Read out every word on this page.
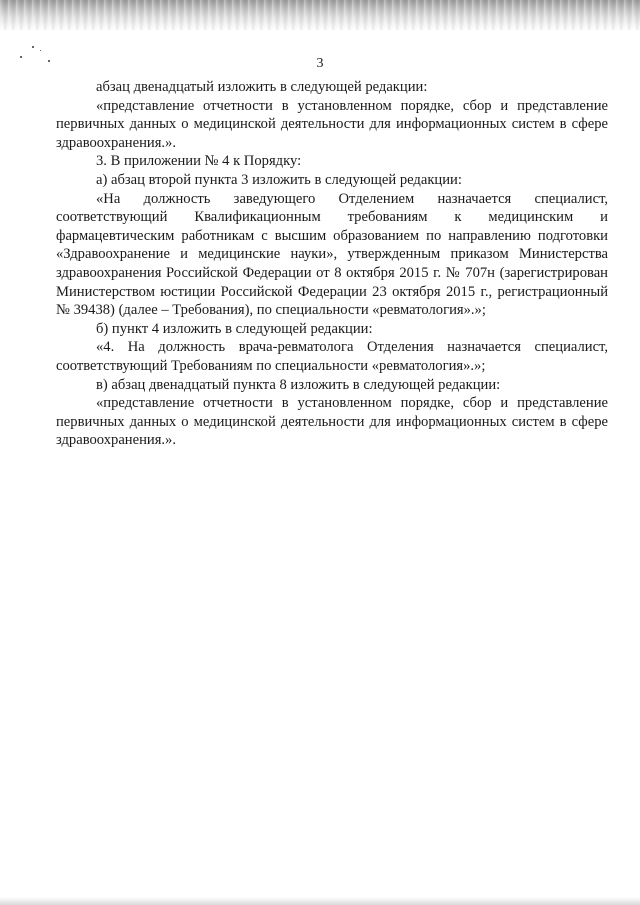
3

абзац двенадцатый изложить в следующей редакции:

«представление отчетности в установленном порядке, сбор и представление первичных данных о медицинской деятельности для информационных систем в сфере здравоохранения.».

3. В приложении № 4 к Порядку:

а) абзац второй пункта 3 изложить в следующей редакции:

«На должность заведующего Отделением назначается специалист, соответствующий Квалификационным требованиям к медицинским и фармацевтическим работникам с высшим образованием по направлению подготовки «Здравоохранение и медицинские науки», утвержденным приказом Министерства здравоохранения Российской Федерации от 8 октября 2015 г. № 707н (зарегистрирован Министерством юстиции Российской Федерации 23 октября 2015 г., регистрационный № 39438) (далее – Требования), по специальности «ревматология».»;

б) пункт 4 изложить в следующей редакции:

«4. На должность врача-ревматолога Отделения назначается специалист, соответствующий Требованиям по специальности «ревматология».»;

в) абзац двенадцатый пункта 8 изложить в следующей редакции:

«представление отчетности в установленном порядке, сбор и представление первичных данных о медицинской деятельности для информационных систем в сфере здравоохранения.».
